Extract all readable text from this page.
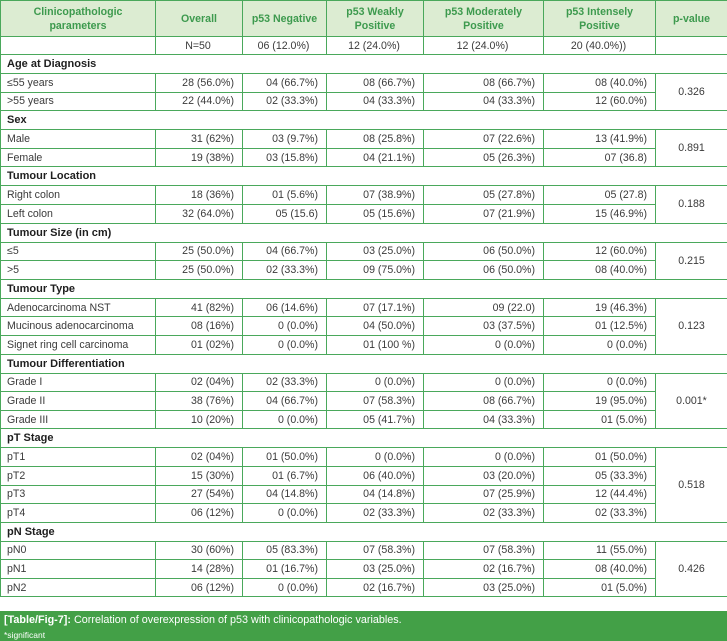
Clinicopathologic parameters	Overall	p53 Negative	p53 Weakly Positive	p53 Moderately Positive	p53 Intensely Positive	p-value
	N=50	06 (12.0%)	12 (24.0%)	12 (24.0%)	20 (40.0%))	
Age at Diagnosis						
≤55 years	28 (56.0%)	04 (66.7%)	08 (66.7%)	08 (66.7%)	08 (40.0%)	0.326
>55 years	22 (44.0%)	02 (33.3%)	04 (33.3%)	04 (33.3%)	12 (60.0%)	
Sex						
Male	31 (62%)	03 (9.7%)	08 (25.8%)	07 (22.6%)	13 (41.9%)	0.891
Female	19 (38%)	03 (15.8%)	04 (21.1%)	05 (26.3%)	07 (36.8)	
Tumour Location						
Right colon	18 (36%)	01 (5.6%)	07 (38.9%)	05 (27.8%)	05 (27.8)	0.188
Left colon	32 (64.0%)	05 (15.6)	05 (15.6%)	07 (21.9%)	15 (46.9%)	
Tumour Size (in cm)						
≤5	25 (50.0%)	04 (66.7%)	03 (25.0%)	06 (50.0%)	12 (60.0%)	0.215
>5	25 (50.0%)	02 (33.3%)	09 (75.0%)	06 (50.0%)	08 (40.0%)	
Tumour Type						
Adenocarcinoma NST	41 (82%)	06 (14.6%)	07 (17.1%)	09 (22.0)	19 (46.3%)	0.123
Mucinous adenocarcinoma	08 (16%)	0 (0.0%)	04 (50.0%)	03 (37.5%)	01 (12.5%)	
Signet ring cell carcinoma	01 (02%)	0 (0.0%)	01 (100 %)	0 (0.0%)	0 (0.0%)	
Tumour Differentiation						
Grade I	02 (04%)	02 (33.3%)	0 (0.0%)	0 (0.0%)	0 (0.0%)	0.001*
Grade II	38 (76%)	04 (66.7%)	07 (58.3%)	08 (66.7%)	19 (95.0%)	
Grade III	10 (20%)	0 (0.0%)	05 (41.7%)	04 (33.3%)	01 (5.0%)	
pT Stage						
pT1	02 (04%)	01 (50.0%)	0 (0.0%)	0 (0.0%)	01 (50.0%)	0.518
pT2	15 (30%)	01 (6.7%)	06 (40.0%)	03 (20.0%)	05 (33.3%)	
pT3	27 (54%)	04 (14.8%)	04 (14.8%)	07 (25.9%)	12 (44.4%)	
pT4	06 (12%)	0 (0.0%)	02 (33.3%)	02 (33.3%)	02 (33.3%)	
pN Stage						
pN0	30 (60%)	05 (83.3%)	07 (58.3%)	07 (58.3%)	11 (55.0%)	0.426
pN1	14 (28%)	01 (16.7%)	03 (25.0%)	02 (16.7%)	08 (40.0%)	
pN2	06 (12%)	0 (0.0%)	02 (16.7%)	03 (25.0%)	01 (5.0%)	
[Table/Fig-7]: Correlation of overexpression of p53 with clinicopathologic variables.
*significant
